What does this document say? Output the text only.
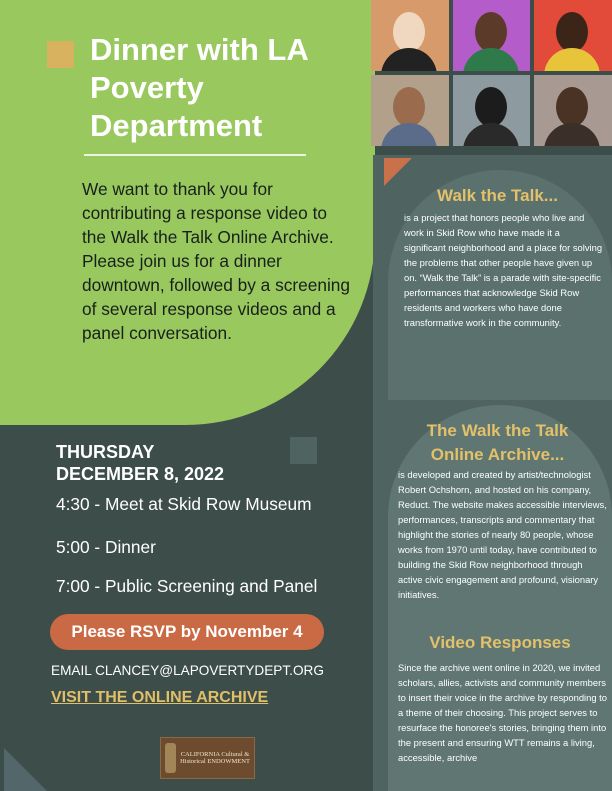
Dinner with LA Poverty Department
We want to thank you for contributing a response video to the Walk the Talk Online Archive. Please join us for a dinner downtown, followed by a screening of several response videos and a panel conversation.
THURSDAY
DECEMBER 8, 2022
4:30 - Meet at Skid Row Museum
5:00 - Dinner
7:00 - Public Screening and Panel
Please RSVP by November 4
EMAIL CLANCEY@LAPOVERTYDEPT.ORG
VISIT THE ONLINE ARCHIVE
CALIFORNIA Cultural & Historical ENDOWMENT
Walk the Talk...
is a project that honors people who live and work in Skid Row who have made it a significant neighborhood and a place for solving the problems that other people have given up on. “Walk the Talk” is a parade with site-specific performances that acknowledge Skid Row residents and workers who have done transformative work in the community.
The Walk the Talk Online Archive...
is developed and created by artist/technologist Robert Ochshorn, and hosted on his company, Reduct. The website makes accessible interviews, performances, transcripts and commentary that highlight the stories of nearly 80 people, whose works from 1970 until today, have contributed to building the Skid Row neighborhood through active civic engagement and profound, visionary initiatives.
Video Responses
Since the archive went online in 2020, we invited scholars, allies, activists and community members to insert their voice in the archive by responding to a theme of their choosing. This project serves to resurface the honoree's stories, bringing them into the present and ensuring WTT remains a living, accessible, archive
